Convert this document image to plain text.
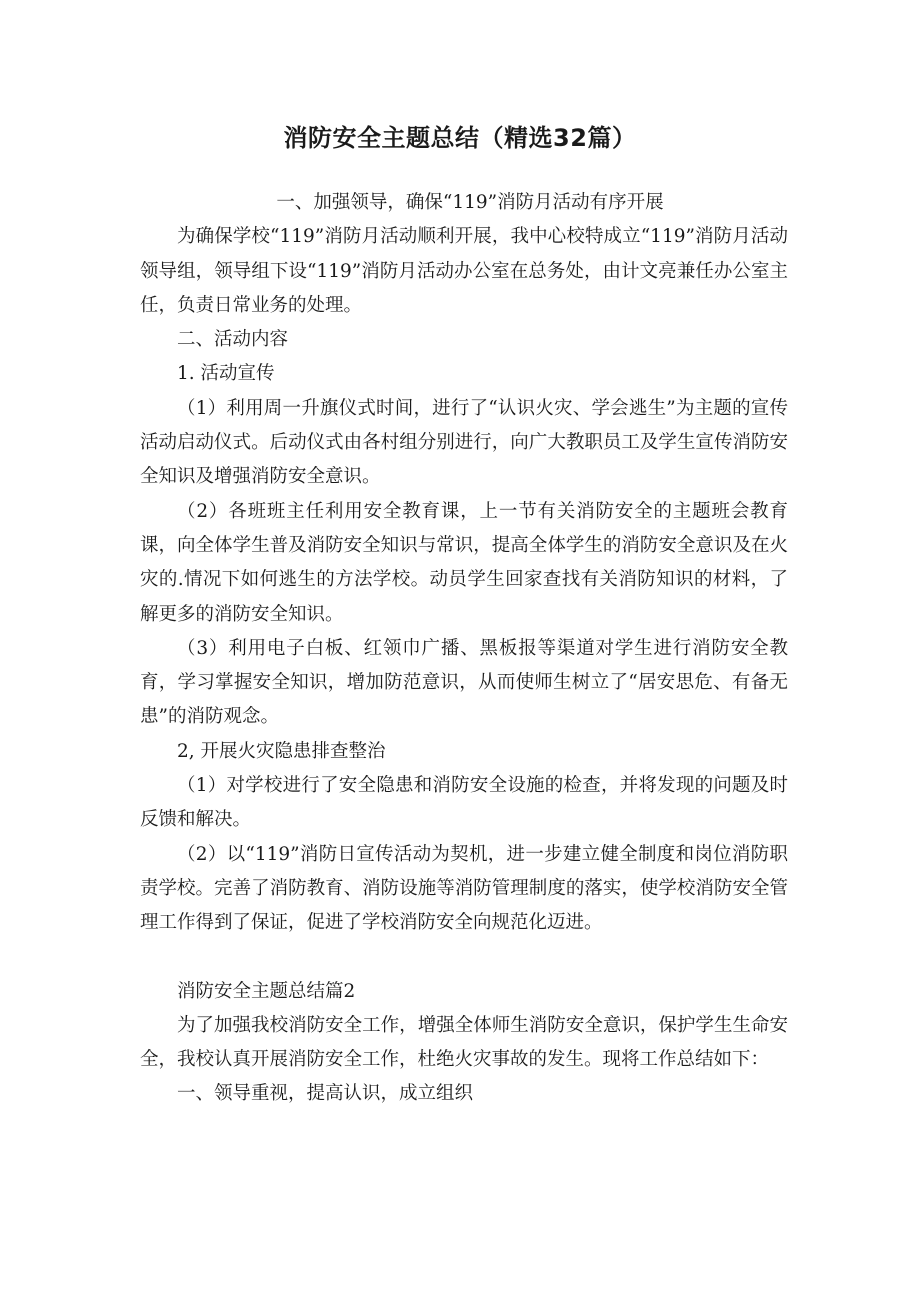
消防安全主题总结（精选32篇）

一、加强领导，确保“119”消防月活动有序开展

为确保学校“119”消防月活动顺利开展，我中心校特成立“119”消防月活动领导组，领导组下设“119”消防月活动办公室在总务处，由计文亮兼任办公室主任，负责日常业务的处理。

二、活动内容

1. 活动宣传

（1）利用周一升旗仪式时间，进行了“认识火灾、学会逃生”为主题的宣传活动启动仪式。后动仪式由各村组分别进行，向广大教职员工及学生宣传消防安全知识及增强消防安全意识。

（2）各班班主任利用安全教育课，上一节有关消防安全的主题班会教育课，向全体学生普及消防安全知识与常识，提高全体学生的消防安全意识及在火灾的.情况下如何逃生的方法学校。动员学生回家查找有关消防知识的材料，了解更多的消防安全知识。

（3）利用电子白板、红领巾广播、黑板报等渠道对学生进行消防安全教育，学习掌握安全知识，增加防范意识，从而使师生树立了“居安思危、有备无患”的消防观念。

2, 开展火灾隐患排查整治

（1）对学校进行了安全隐患和消防安全设施的检查，并将发现的问题及时反馈和解决。

（2）以“119”消防日宣传活动为契机，进一步建立健全制度和岗位消防职责学校。完善了消防教育、消防设施等消防管理制度的落实，使学校消防安全管理工作得到了保证，促进了学校消防安全向规范化迈进。

消防安全主题总结篇2

为了加强我校消防安全工作，增强全体师生消防安全意识，保护学生生命安全，我校认真开展消防安全工作，杜绝火灾事故的发生。现将工作总结如下：

一、领导重视，提高认识，成立组织
